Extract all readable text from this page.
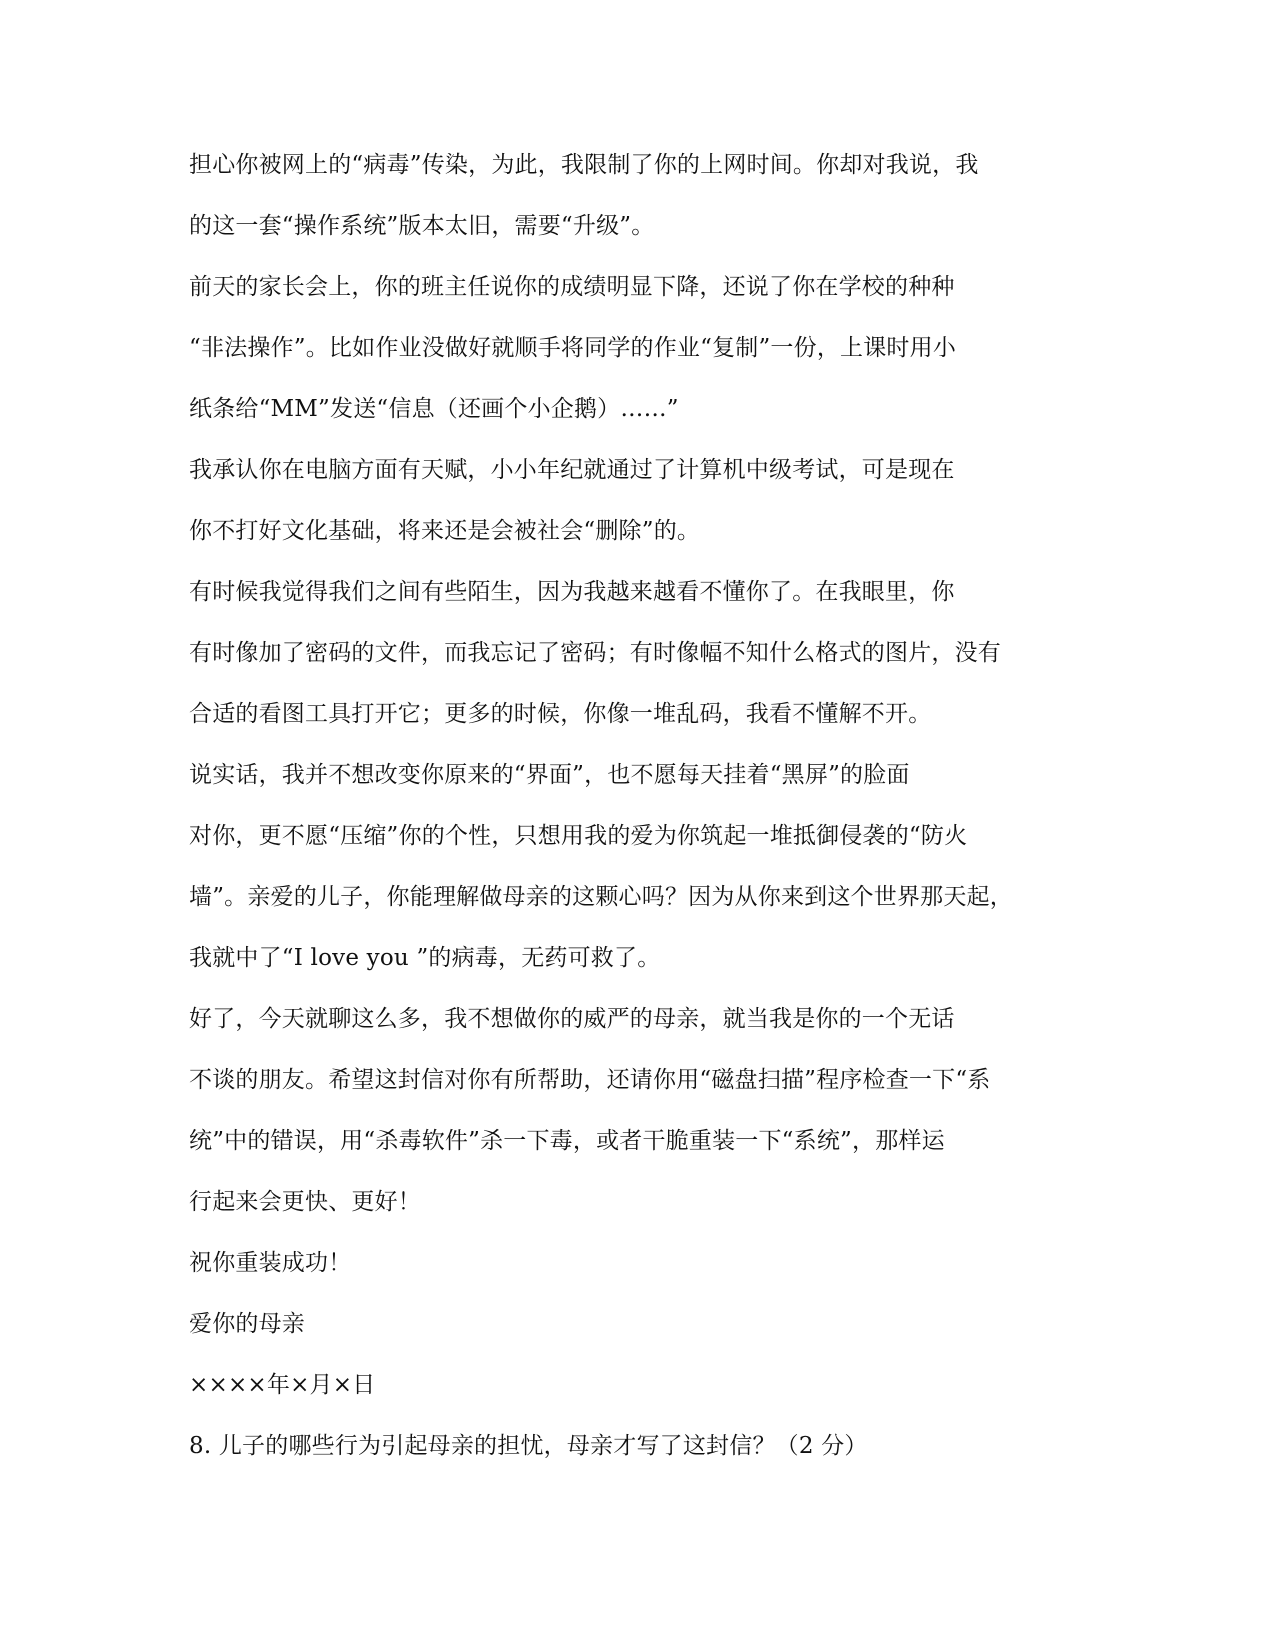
担心你被网上的“病毒”传染，为此，我限制了你的上网时间。你却对我说，我
的这一套“操作系统”版本太旧，需要“升级”。
前天的家长会上，你的班主任说你的成绩明显下降，还说了你在学校的种种
“非法操作”。比如作业没做好就顺手将同学的作业“复制”一份，上课时用小
纸条给“MM”发送“信息（还画个小企鹅）……”
我承认你在电脑方面有天赋，小小年纪就通过了计算机中级考试，可是现在
你不打好文化基础，将来还是会被社会“删除”的。
有时候我觉得我们之间有些陌生，因为我越来越看不懂你了。在我眼里，你
有时像加了密码的文件，而我忘记了密码；有时像幅不知什么格式的图片，没有
合适的看图工具打开它；更多的时候，你像一堆乱码，我看不懂解不开。
说实话，我并不想改变你原来的“界面”，也不愿每天挂着“黑屏”的脸面
对你，更不愿“压缩”你的个性，只想用我的爱为你筑起一堆抵御侵袭的“防火
墙”。亲爱的儿子，你能理解做母亲的这颗心吗？因为从你来到这个世界那天起，
我就中了“I love you ”的病毒，无药可救了。
好了，今天就聊这么多，我不想做你的威严的母亲，就当我是你的一个无话
不谈的朋友。希望这封信对你有所帮助，还请你用“磁盘扫描”程序检查一下“系
统”中的错误，用“杀毒软件”杀一下毒，或者干脆重装一下“系统”，那样运
行起来会更快、更好！
祝你重装成功！
爱你的母亲
××××年×月×日
8. 儿子的哪些行为引起母亲的担忧，母亲才写了这封信？（2 分）
